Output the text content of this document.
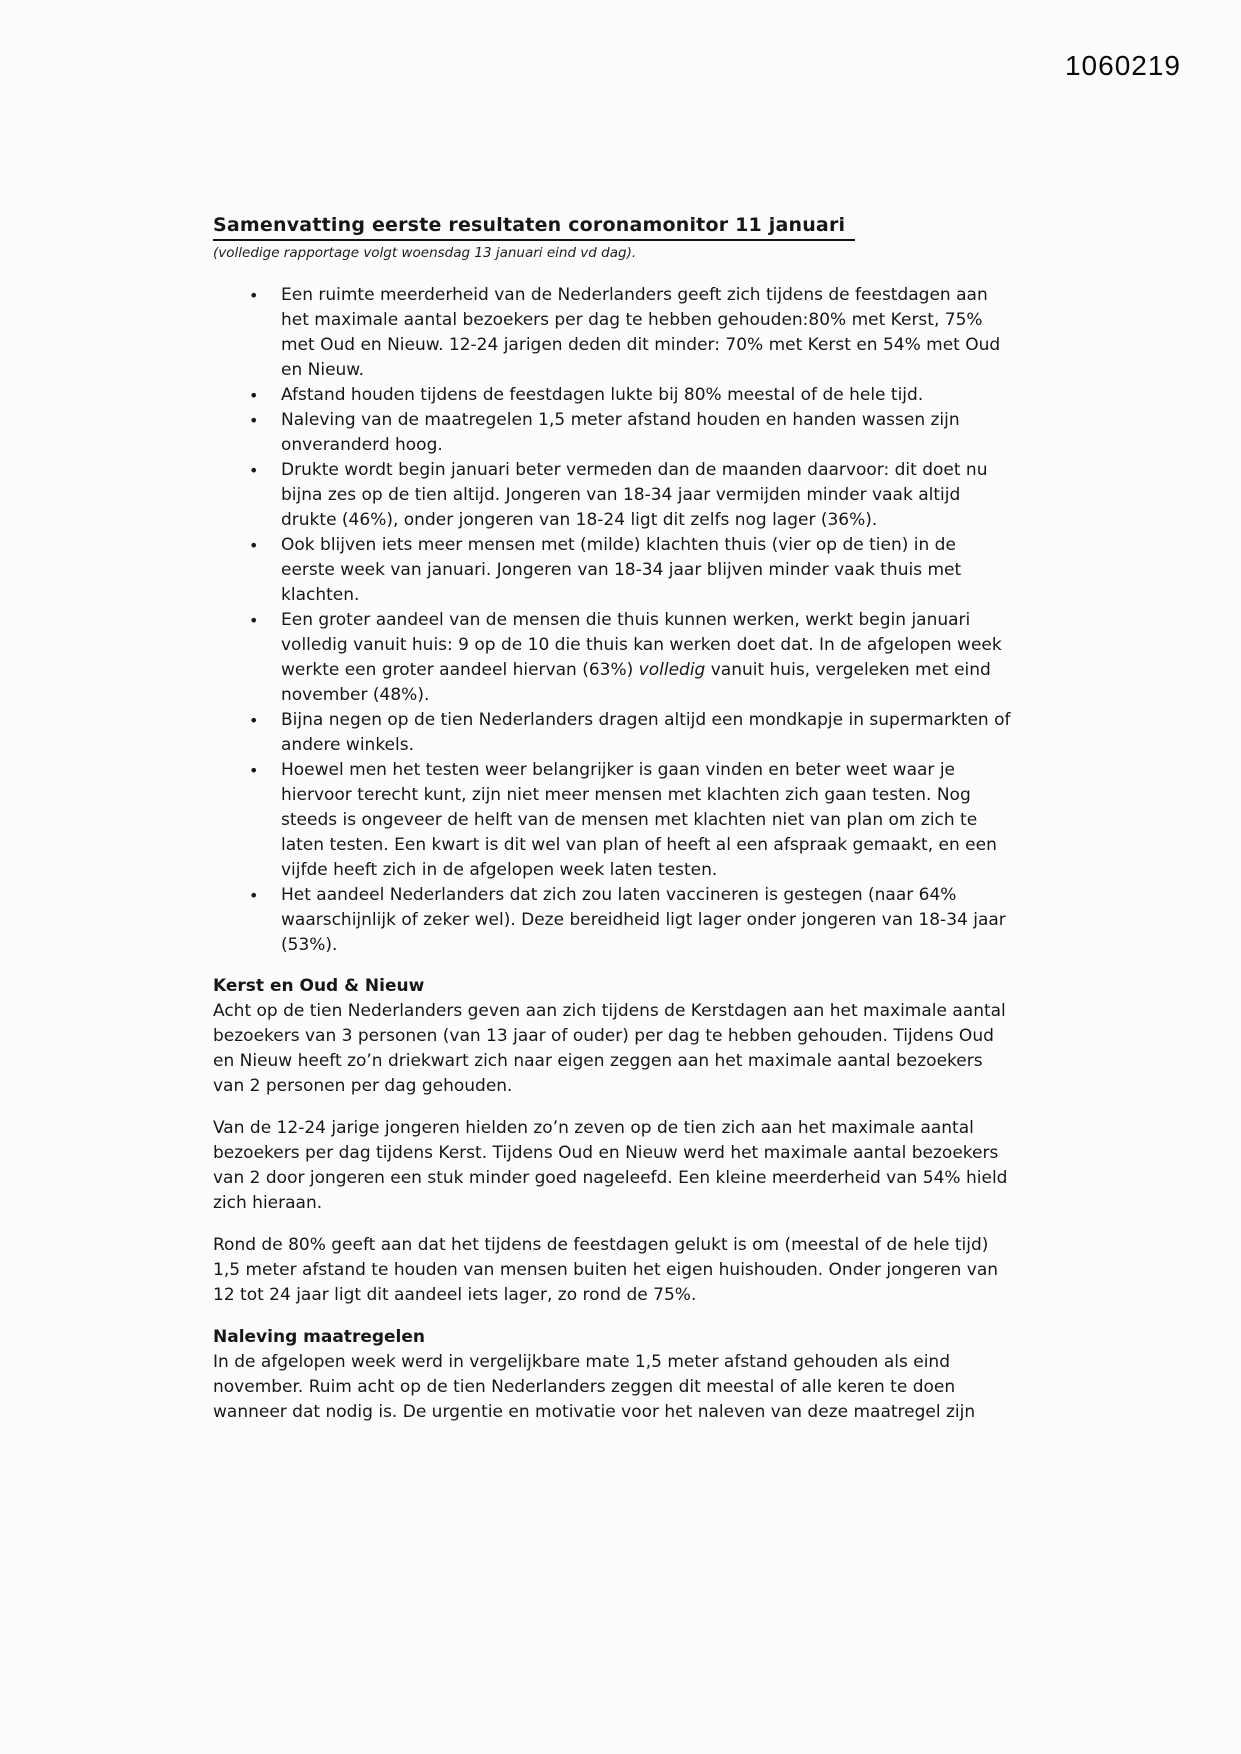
1060219
Samenvatting eerste resultaten coronamonitor 11 januari

(volledige rapportage volgt woensdag 13 januari eind vd dag).

• Een ruimte meerderheid van de Nederlanders geeft zich tijdens de feestdagen aan het maximale aantal bezoekers per dag te hebben gehouden:80% met Kerst, 75% met Oud en Nieuw. 12-24 jarigen deden dit minder: 70% met Kerst en 54% met Oud en Nieuw.
• Afstand houden tijdens de feestdagen lukte bij 80% meestal of de hele tijd.
• Naleving van de maatregelen 1,5 meter afstand houden en handen wassen zijn onveranderd hoog.
• Drukte wordt begin januari beter vermeden dan de maanden daarvoor: dit doet nu bijna zes op de tien altijd. Jongeren van 18-34 jaar vermijden minder vaak altijd drukte (46%), onder jongeren van 18-24 ligt dit zelfs nog lager (36%).
• Ook blijven iets meer mensen met (milde) klachten thuis (vier op de tien) in de eerste week van januari. Jongeren van 18-34 jaar blijven minder vaak thuis met klachten.
• Een groter aandeel van de mensen die thuis kunnen werken, werkt begin januari volledig vanuit huis: 9 op de 10 die thuis kan werken doet dat. In de afgelopen week werkte een groter aandeel hiervan (63%) volledig vanuit huis, vergeleken met eind november (48%).
• Bijna negen op de tien Nederlanders dragen altijd een mondkapje in supermarkten of andere winkels.
• Hoewel men het testen weer belangrijker is gaan vinden en beter weet waar je hiervoor terecht kunt, zijn niet meer mensen met klachten zich gaan testen. Nog steeds is ongeveer de helft van de mensen met klachten niet van plan om zich te laten testen. Een kwart is dit wel van plan of heeft al een afspraak gemaakt, en een vijfde heeft zich in de afgelopen week laten testen.
• Het aandeel Nederlanders dat zich zou laten vaccineren is gestegen (naar 64% waarschijnlijk of zeker wel). Deze bereidheid ligt lager onder jongeren van 18-34 jaar (53%).
Kerst en Oud & Nieuw

Acht op de tien Nederlanders geven aan zich tijdens de Kerstdagen aan het maximale aantal bezoekers van 3 personen (van 13 jaar of ouder) per dag te hebben gehouden. Tijdens Oud en Nieuw heeft zo’n driekwart zich naar eigen zeggen aan het maximale aantal bezoekers van 2 personen per dag gehouden.

Van de 12-24 jarige jongeren hielden zo’n zeven op de tien zich aan het maximale aantal bezoekers per dag tijdens Kerst. Tijdens Oud en Nieuw werd het maximale aantal bezoekers van 2 door jongeren een stuk minder goed nageleefd. Een kleine meerderheid van 54% hield zich hieraan.

Rond de 80% geeft aan dat het tijdens de feestdagen gelukt is om (meestal of de hele tijd) 1,5 meter afstand te houden van mensen buiten het eigen huishouden. Onder jongeren van 12 tot 24 jaar ligt dit aandeel iets lager, zo rond de 75%.

Naleving maatregelen

In de afgelopen week werd in vergelijkbare mate 1,5 meter afstand gehouden als eind november. Ruim acht op de tien Nederlanders zeggen dit meestal of alle keren te doen wanneer dat nodig is. De urgentie en motivatie voor het naleven van deze maatregel zijn
